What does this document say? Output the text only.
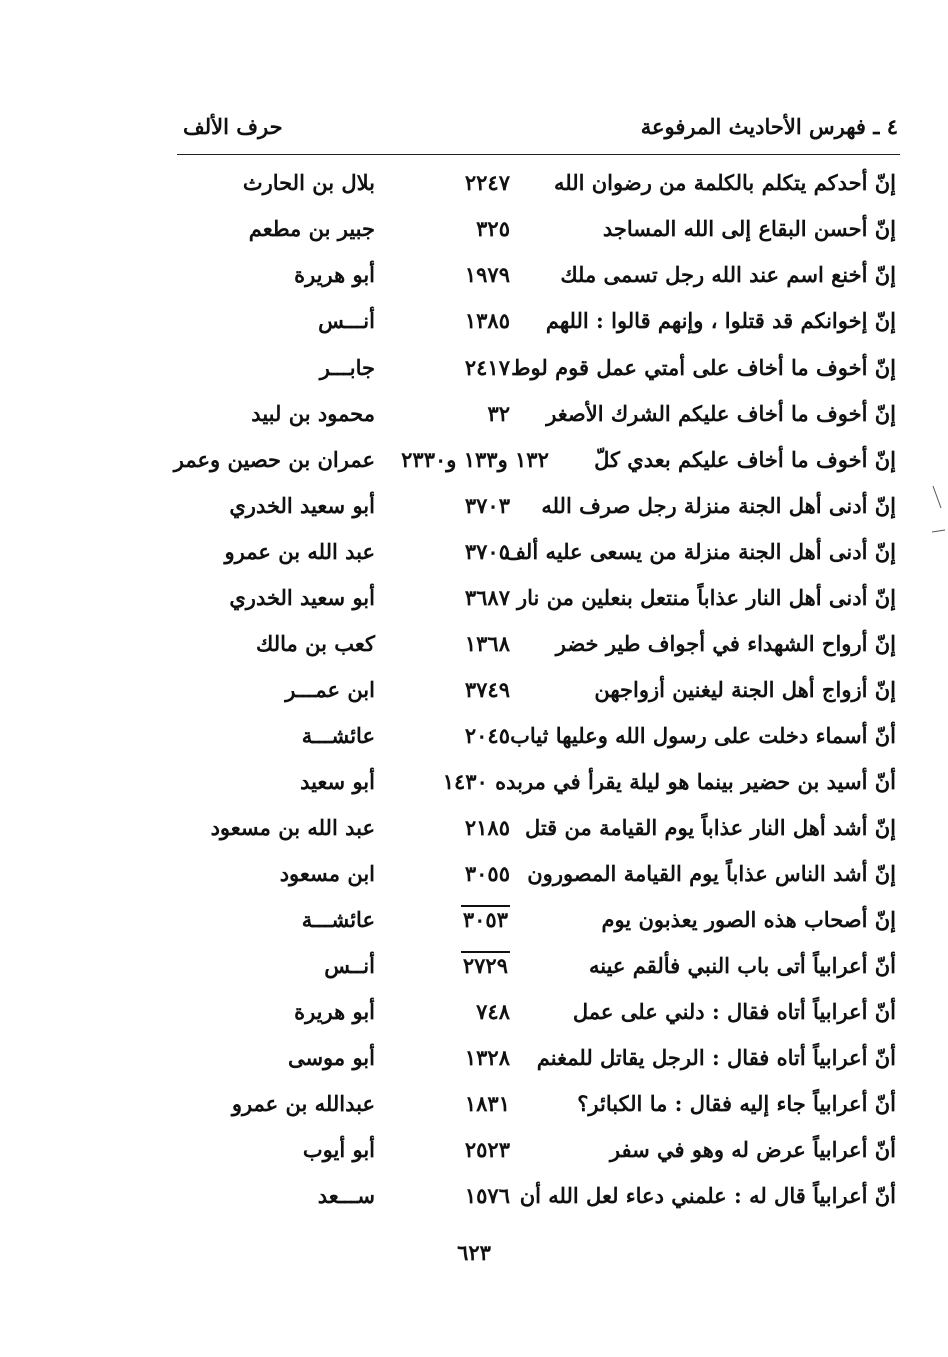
٤ ـ فهرس الأحاديث المرفوعة
حرف الألف
إنّ أحدكم يتكلم بالكلمة من رضوان الله
٢٢٤٧
بلال بن الحارث
إنّ أحسن البقاع إلى الله المساجد
٣٢٥
جبير بن مطعم
إنّ أخنع اسم عند الله رجل تسمى ملك
١٩٧٩
أبو هريرة
إنّ إخوانكم قد قتلوا ، وإنهم قالوا : اللهم
١٣٨٥
أنـــس
إنّ أخوف ما أخاف على أمتي عمل قوم لوط
٢٤١٧
جابـــر
إنّ أخوف ما أخاف عليكم الشرك الأصغر
٣٢
محمود بن لبيد
إنّ أخوف ما أخاف عليكم بعدي كلّ
١٣٢ و١٣٣ و٢٣٣٠
عمران بن حصين وعمر
إنّ أدنى أهل الجنة منزلة رجل صرف الله
٣٧٠٣
أبو سعيد الخدري
إنّ أدنى أهل الجنة منزلة من يسعى عليه ألف
٣٧٠٥
عبد الله بن عمرو
إنّ أدنى أهل النار عذاباً منتعل بنعلين من نار
٣٦٨٧
أبو سعيد الخدري
إنّ أرواح الشهداء في أجواف طير خضر
١٣٦٨
كعب بن مالك
إنّ أزواج أهل الجنة ليغنين أزواجهن
٣٧٤٩
ابن عمـــر
أنّ أسماء دخلت على رسول الله وعليها ثياب
٢٠٤٥
عائشـــة
أنّ أسيد بن حضير بينما هو ليلة يقرأ في مربده ١٤٣٠
أبو سعيد
إنّ أشد أهل النار عذاباً يوم القيامة من قتل
٢١٨٥
عبد الله بن مسعود
إنّ أشد الناس عذاباً يوم القيامة المصورون
٣٠٥٥
ابن مسعود
إنّ أصحاب هذه الصور يعذبون يوم
٣٠٥٣
عائشـــة
أنّ أعرابياً أتى باب النبي فألقم عينه
٢٧٢٩
أنــس
أنّ أعرابياً أتاه فقال : دلني على عمل
٧٤٨
أبو هريرة
أنّ أعرابياً أتاه فقال : الرجل يقاتل للمغنم
١٣٢٨
أبو موسى
أنّ أعرابياً جاء إليه فقال : ما الكبائر؟
١٨٣١
عبدالله بن عمرو
أنّ أعرابياً عرض له وهو في سفر
٢٥٢٣
أبو أيوب
أنّ أعرابياً قال له : علمني دعاء لعل الله أن
١٥٧٦
ســـعد
٦٢٣
